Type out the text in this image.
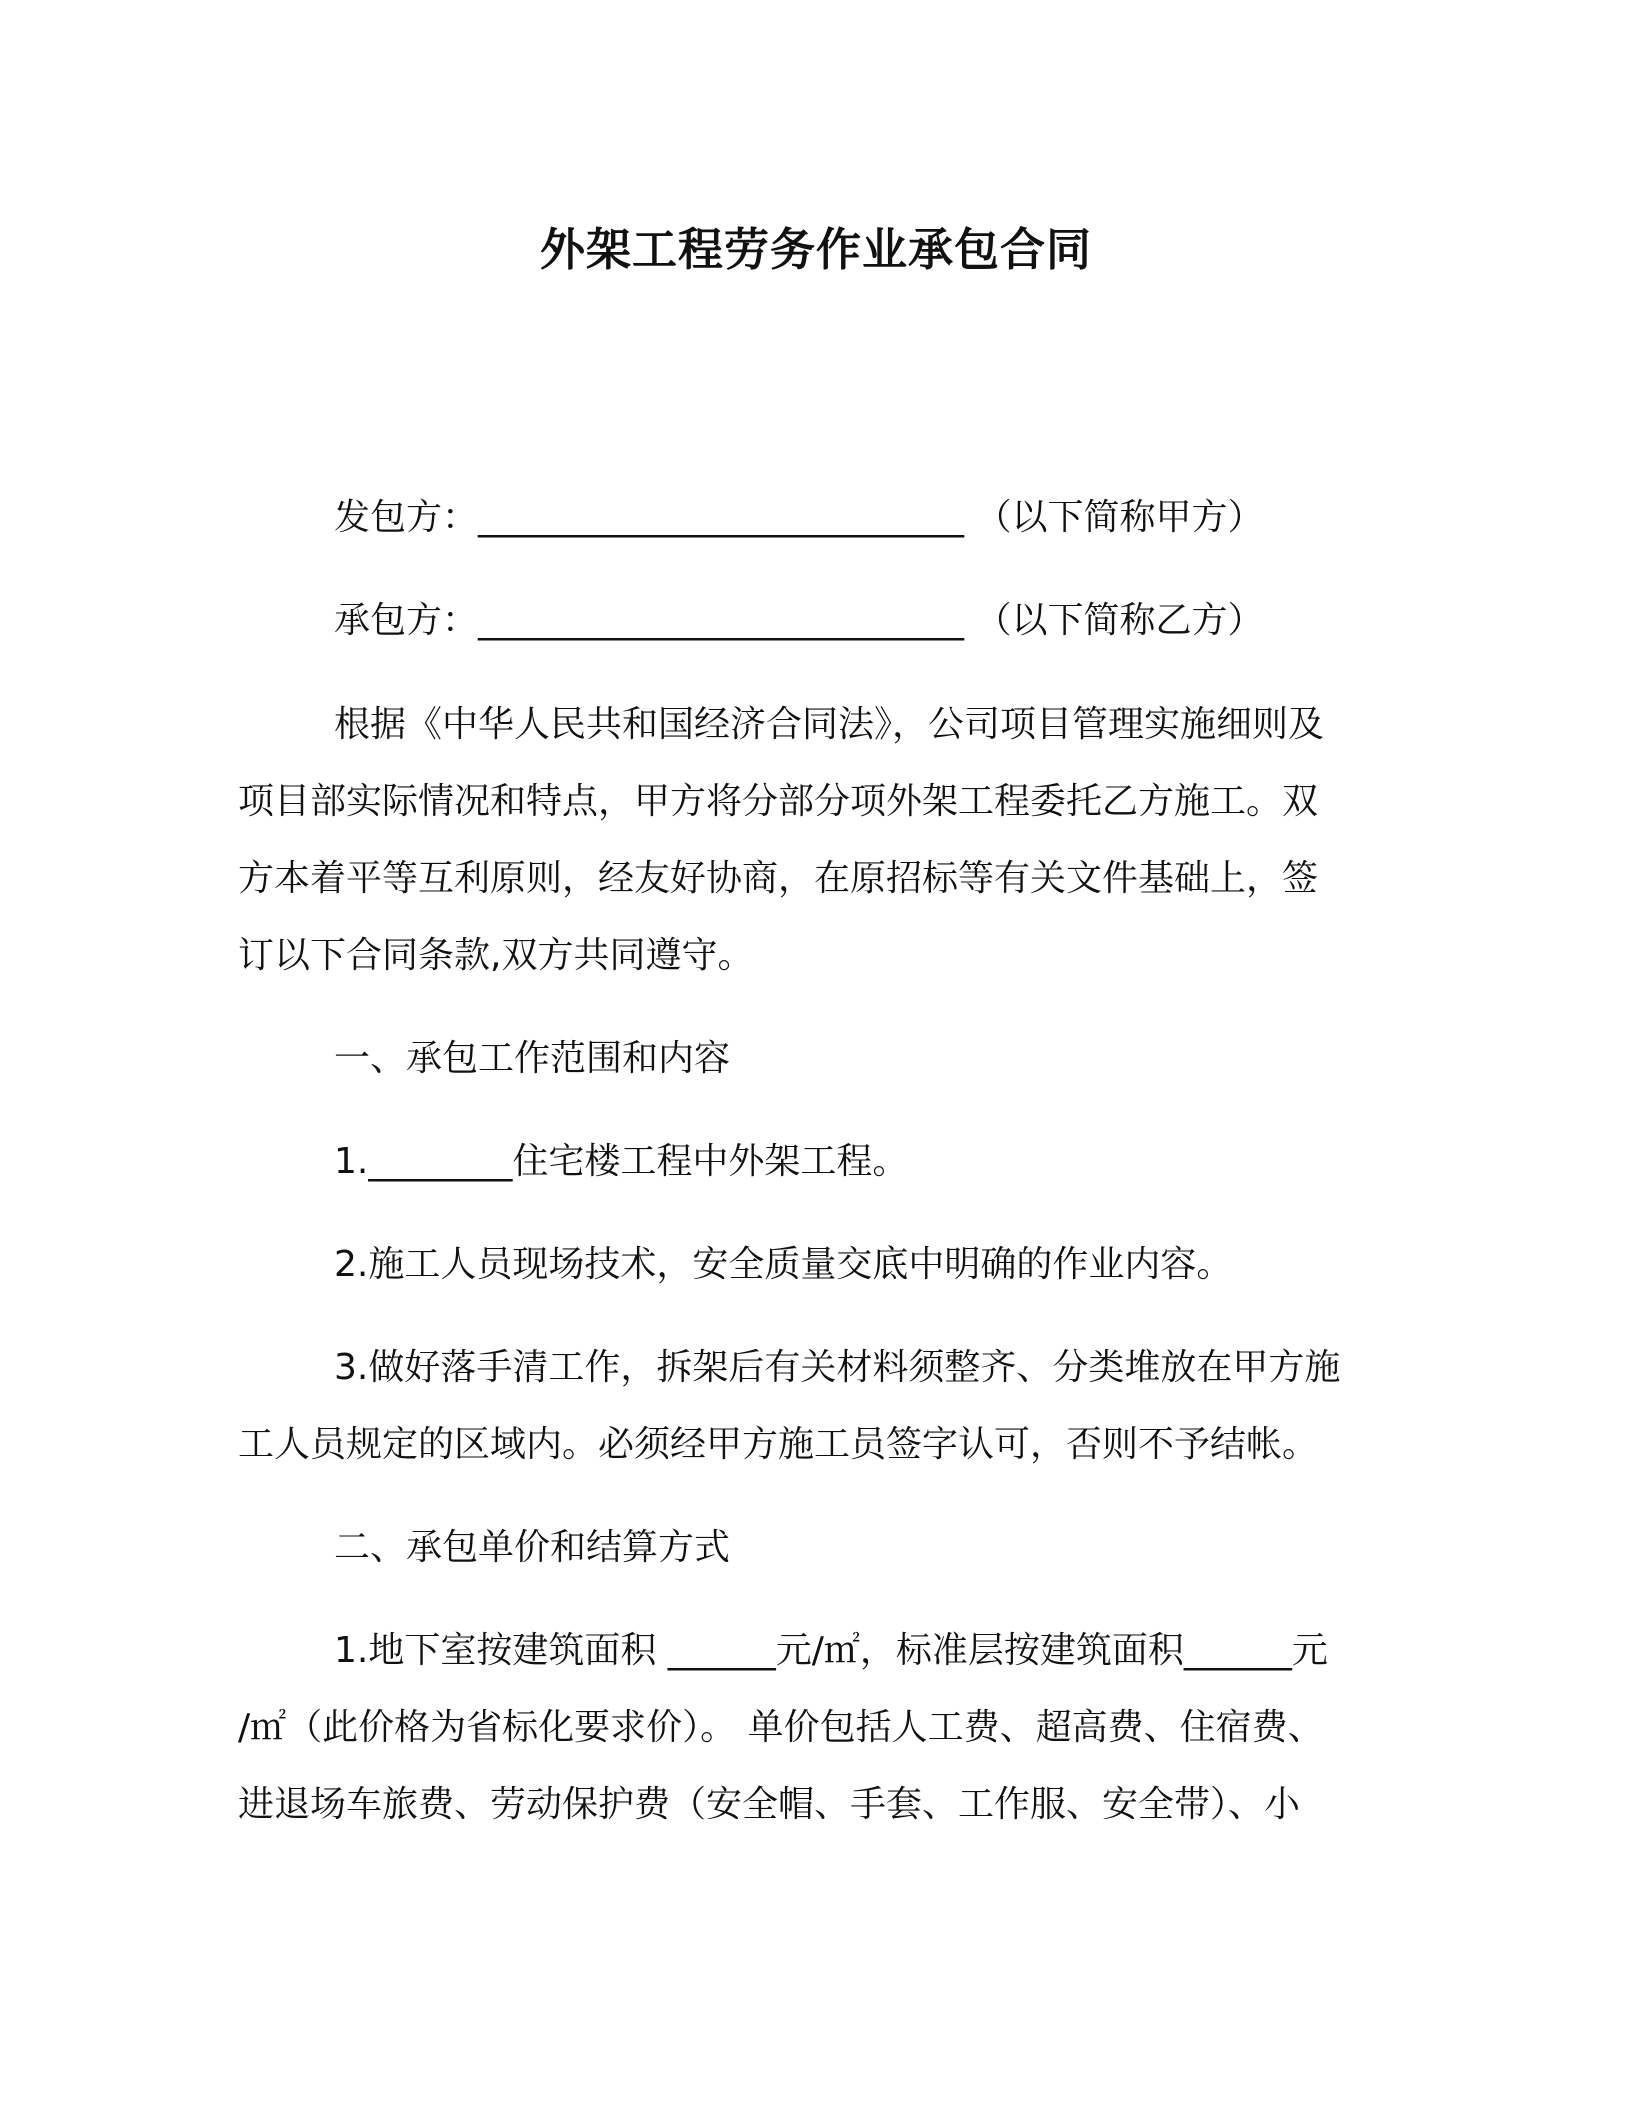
外架工程劳务作业承包合同

发包方：___________________________ （以下简称甲方）

承包方：___________________________ （以下简称乙方）

根据《中华人民共和国经济合同法》，公司项目管理实施细则及

项目部实际情况和特点，甲方将分部分项外架工程委托乙方施工。双

方本着平等互利原则，经友好协商，在原招标等有关文件基础上，签

订以下合同条款,双方共同遵守。

一、承包工作范围和内容

1.________住宅楼工程中外架工程。

2.施工人员现场技术，安全质量交底中明确的作业内容。

3.做好落手清工作，拆架后有关材料须整齐、分类堆放在甲方施

工人员规定的区域内。必须经甲方施工员签字认可，否则不予结帐。

二、承包单价和结算方式

1.地下室按建筑面积 ______元/㎡，标准层按建筑面积______元

/㎡（此价格为省标化要求价）。 单价包括人工费、超高费、住宿费、

进退场车旅费、劳动保护费（安全帽、手套、工作服、安全带）、小
